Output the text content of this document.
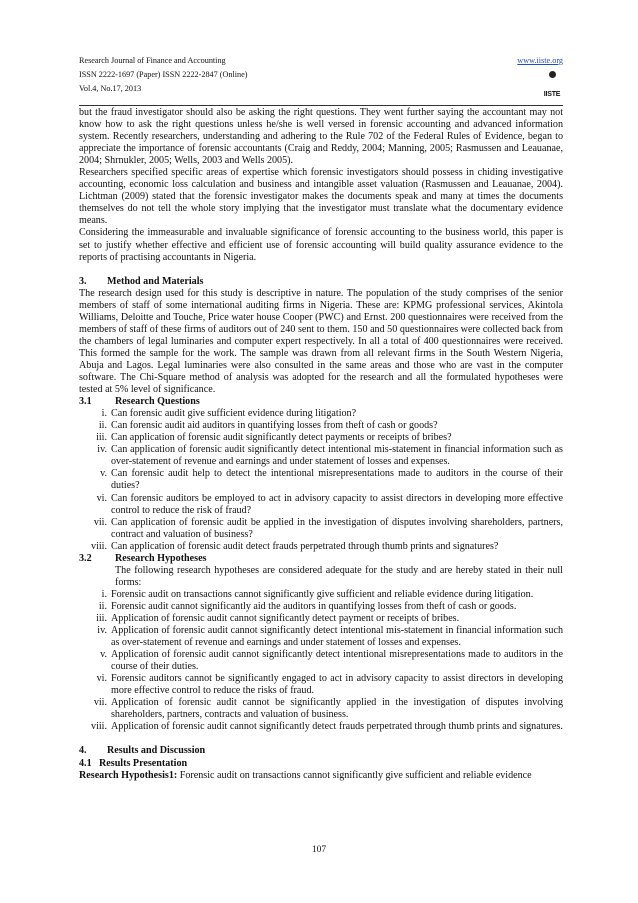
Research Journal of Finance and Accounting
ISSN 2222-1697 (Paper) ISSN 2222-2847 (Online)
Vol.4, No.17, 2013
www.iiste.org
IISTE
but the fraud investigator should also be asking the right questions. They went further saying the accountant may not know how to ask the right questions unless he/she is well versed in forensic accounting and advanced information system. Recently researchers, understanding and adhering to the Rule 702 of the Federal Rules of Evidence, began to appreciate the importance of forensic accountants (Craig and Reddy, 2004; Manning, 2005; Rasmussen and Leauanae, 2004; Shrnukler, 2005; Wells, 2003 and Wells 2005).
Researchers specified specific areas of expertise which forensic investigators should possess in chiding investigative accounting, economic loss calculation and business and intangible asset valuation (Rasmussen and Leauanae, 2004). Lichtman (2009) stated that the forensic investigator makes the documents speak and many at times the documents themselves do not tell the whole story implying that the investigator must translate what the documentary evidence means.
Considering the immeasurable and invaluable significance of forensic accounting to the business world, this paper is set to justify whether effective and efficient use of forensic accounting will build quality assurance evidence to the reports of practising accountants in Nigeria.
3. Method and Materials
The research design used for this study is descriptive in nature. The population of the study comprises of the senior members of staff of some international auditing firms in Nigeria. These are: KPMG professional services, Akintola Williams, Deloitte and Touche, Price water house Cooper (PWC) and Ernst. 200 questionnaires were received from the members of staff of these firms of auditors out of 240 sent to them. 150 and 50 questionnaires were collected back from the chambers of legal luminaries and computer expert respectively. In all a total of 400 questionnaires were received. This formed the sample for the work. The sample was drawn from all relevant firms in the South Western Nigeria, Abuja and Lagos. Legal luminaries were also consulted in the same areas and those who are vast in the computer software. The Chi-Square method of analysis was adopted for the research and all the formulated hypotheses were tested at 5% level of significance.
3.1 Research Questions
i. Can forensic audit give sufficient evidence during litigation?
ii. Can forensic audit aid auditors in quantifying losses from theft of cash or goods?
iii. Can application of forensic audit significantly detect payments or receipts of bribes?
iv. Can application of forensic audit significantly detect intentional mis-statement in financial information such as over-statement of revenue and earnings and under statement of losses and expenses.
v. Can forensic audit help to detect the intentional misrepresentations made to auditors in the course of their duties?
vi. Can forensic auditors be employed to act in advisory capacity to assist directors in developing more effective control to reduce the risk of fraud?
vii. Can application of forensic audit be applied in the investigation of disputes involving shareholders, partners, contract and valuation of business?
viii. Can application of forensic audit detect frauds perpetrated through thumb prints and signatures?
3.2 Research Hypotheses
The following research hypotheses are considered adequate for the study and are hereby stated in their null forms:
i. Forensic audit on transactions cannot significantly give sufficient and reliable evidence during litigation.
ii. Forensic audit cannot significantly aid the auditors in quantifying losses from theft of cash or goods.
iii. Application of forensic audit cannot significantly detect payment or receipts of bribes.
iv. Application of forensic audit cannot significantly detect intentional mis-statement in financial information such as over-statement of revenue and earnings and under statement of losses and expenses.
v. Application of forensic audit cannot significantly detect intentional misrepresentations made to auditors in the course of their duties.
vi. Forensic auditors cannot be significantly engaged to act in advisory capacity to assist directors in developing more effective control to reduce the risks of fraud.
vii. Application of forensic audit cannot be significantly applied in the investigation of disputes involving shareholders, partners, contracts and valuation of business.
viii. Application of forensic audit cannot significantly detect frauds perpetrated through thumb prints and signatures.
4. Results and Discussion
4.1 Results Presentation
Research Hypothesis1: Forensic audit on transactions cannot significantly give sufficient and reliable evidence
107
